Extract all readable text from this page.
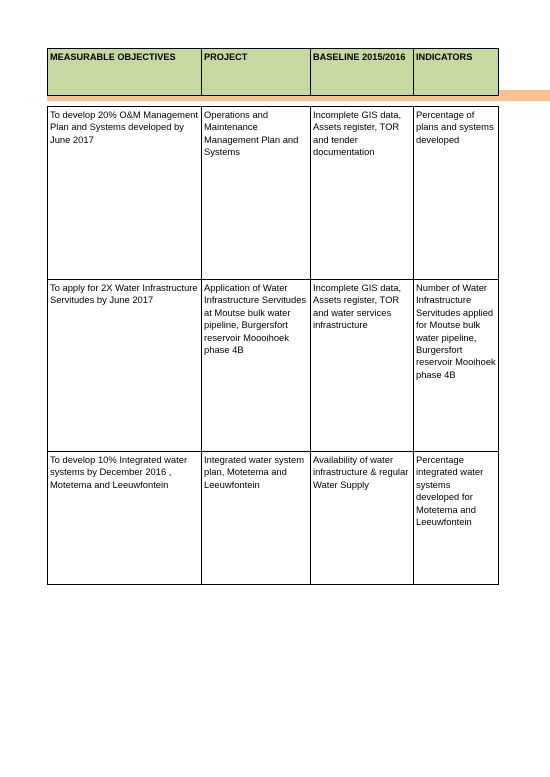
MEASURABLE OBJECTIVES	PROJECT	BASELINE 2015/2016	INDICATORS

To develop 20% O&M Management Plan and Systems developed by June 2017	Operations and Maintenance Management Plan and Systems	Incomplete GIS data, Assets register, TOR and tender documentation	Percentage of plans and systems developed
To apply for 2X Water Infrastructure Servitudes by June 2017	Application of Water Infrastructure Servitudes at Moutse bulk water pipeline, Burgersfort reservoir Moooihoek phase 4B	Incomplete GIS data, Assets register, TOR and water services infrastructure	Number of Water Infrastructure Servitudes applied for Moutse bulk water pipeline, Burgersfort reservoir Mooihoek phase 4B
To develop 10% Integrated water systems by December 2016 , Motetema and Leeuwfontein	Integrated water system plan, Motetema and Leeuwfontein	Availability of water infrastructure & regular Water Supply	Percentage integrated water systems developed for Motetema and Leeuwfontein
